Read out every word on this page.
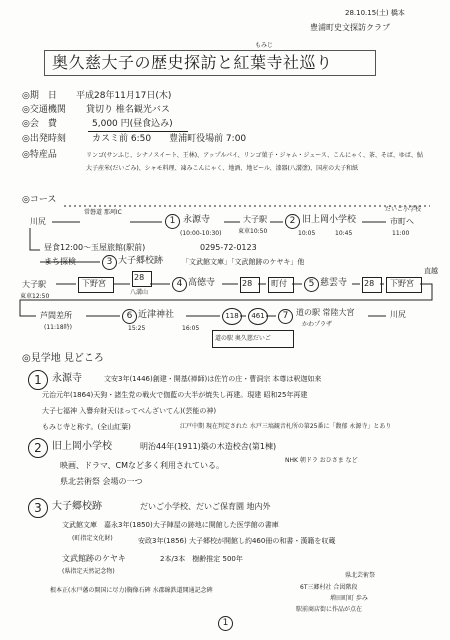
28.10.15(土) 橋本
豊浦町史文探訪クラブ
もみじ
奥久慈大子の歴史探訪と紅葉寺社巡り
◎期　日 平成28年11月17日(木)
◎交通機関 貸切り 椎名観光バス
◎会　費	5,000 円(昼食込み)
◎出発時刻	カスミ前 6:50　　豊浦町役場前 7:00
◎特産品	リンゴ(サンふじ、シナノスイート、王林)、アップルパイ、リンゴ菓子・ジャム・ジュース、こんにゃく、茶、そば、ゆば、鮎
大子産米(だいごみ)、シャモ料理、凍みこんにゃく、地酒、地ビール、漆器(八溝塗)、国産の大子和紙
◎コース
川尻
常磐道 那珂IC
1 永源寺
(10:00-10:30)
大子駅
東車10:50
2 旧上岡小学校
10:05	10:45
だいご小学校
市町へ
11:00
昼食12:00〜玉屋旅館(駅前)	0295-72-0123
まち探検	3 大子郷校跡	「文武館文庫」「文武館跡のケヤキ」他
大子駅
東車12:50
下野宮
28
八溝山
4 高徳寺	28 町付	5 慈雲寺 28 下野宮
直越
芦間差所
(11:18時)
6 近津神社
15:25	16:05
118	461
道の駅 奥久慈だいご
7 道の駅 常陸大宮
かわプラザ
川尻
◎見学地 見どころ
1	永源寺	文安3年(1446)創建・開基(禅師)は佐竹の庄・曹洞宗 本尊は釈迦如来
元治元年(1864)天狗・諸生党の戦火で伽藍の大半が焼失し再建。現建 昭和25年再建
大子七福神 入譽弁財天(ほってべんざいてん)(芸能の神)
もみじ寺と称す。(全山紅葉)	江戸中期 現在判定された 水戸三塙観音札所の第25番に「馥郁 永源寺」とあり
2	旧上岡小学校	明治44年(1911)築の木造校舎(第1棟)
映画、ドラマ、CMなど多く利用されている。
県北芸術祭 会場の一つ
NHK 朝ドラ おひさま など
3	大子郷校跡	だいご小学校、だいご保育園 地内外
文武館文庫　嘉永3年(1850)大子陣屋の跡地に開館した医学館の書庫
(町指定文化財)	安政3年(1856) 大子郷校が開館し約460冊の和書・漢籍を収蔵
文武館跡のケヤキ
(県指定天然記念物)
2本/3本　樹齢推定 500年
根本正(水戸藩の開国に尽力)胸像石碑 水郡線鉄道開通記念碑
県北芸術祭
6T三郷村社 合図階段
増田町町 歩み
駅前商店街に作品が点在
1
